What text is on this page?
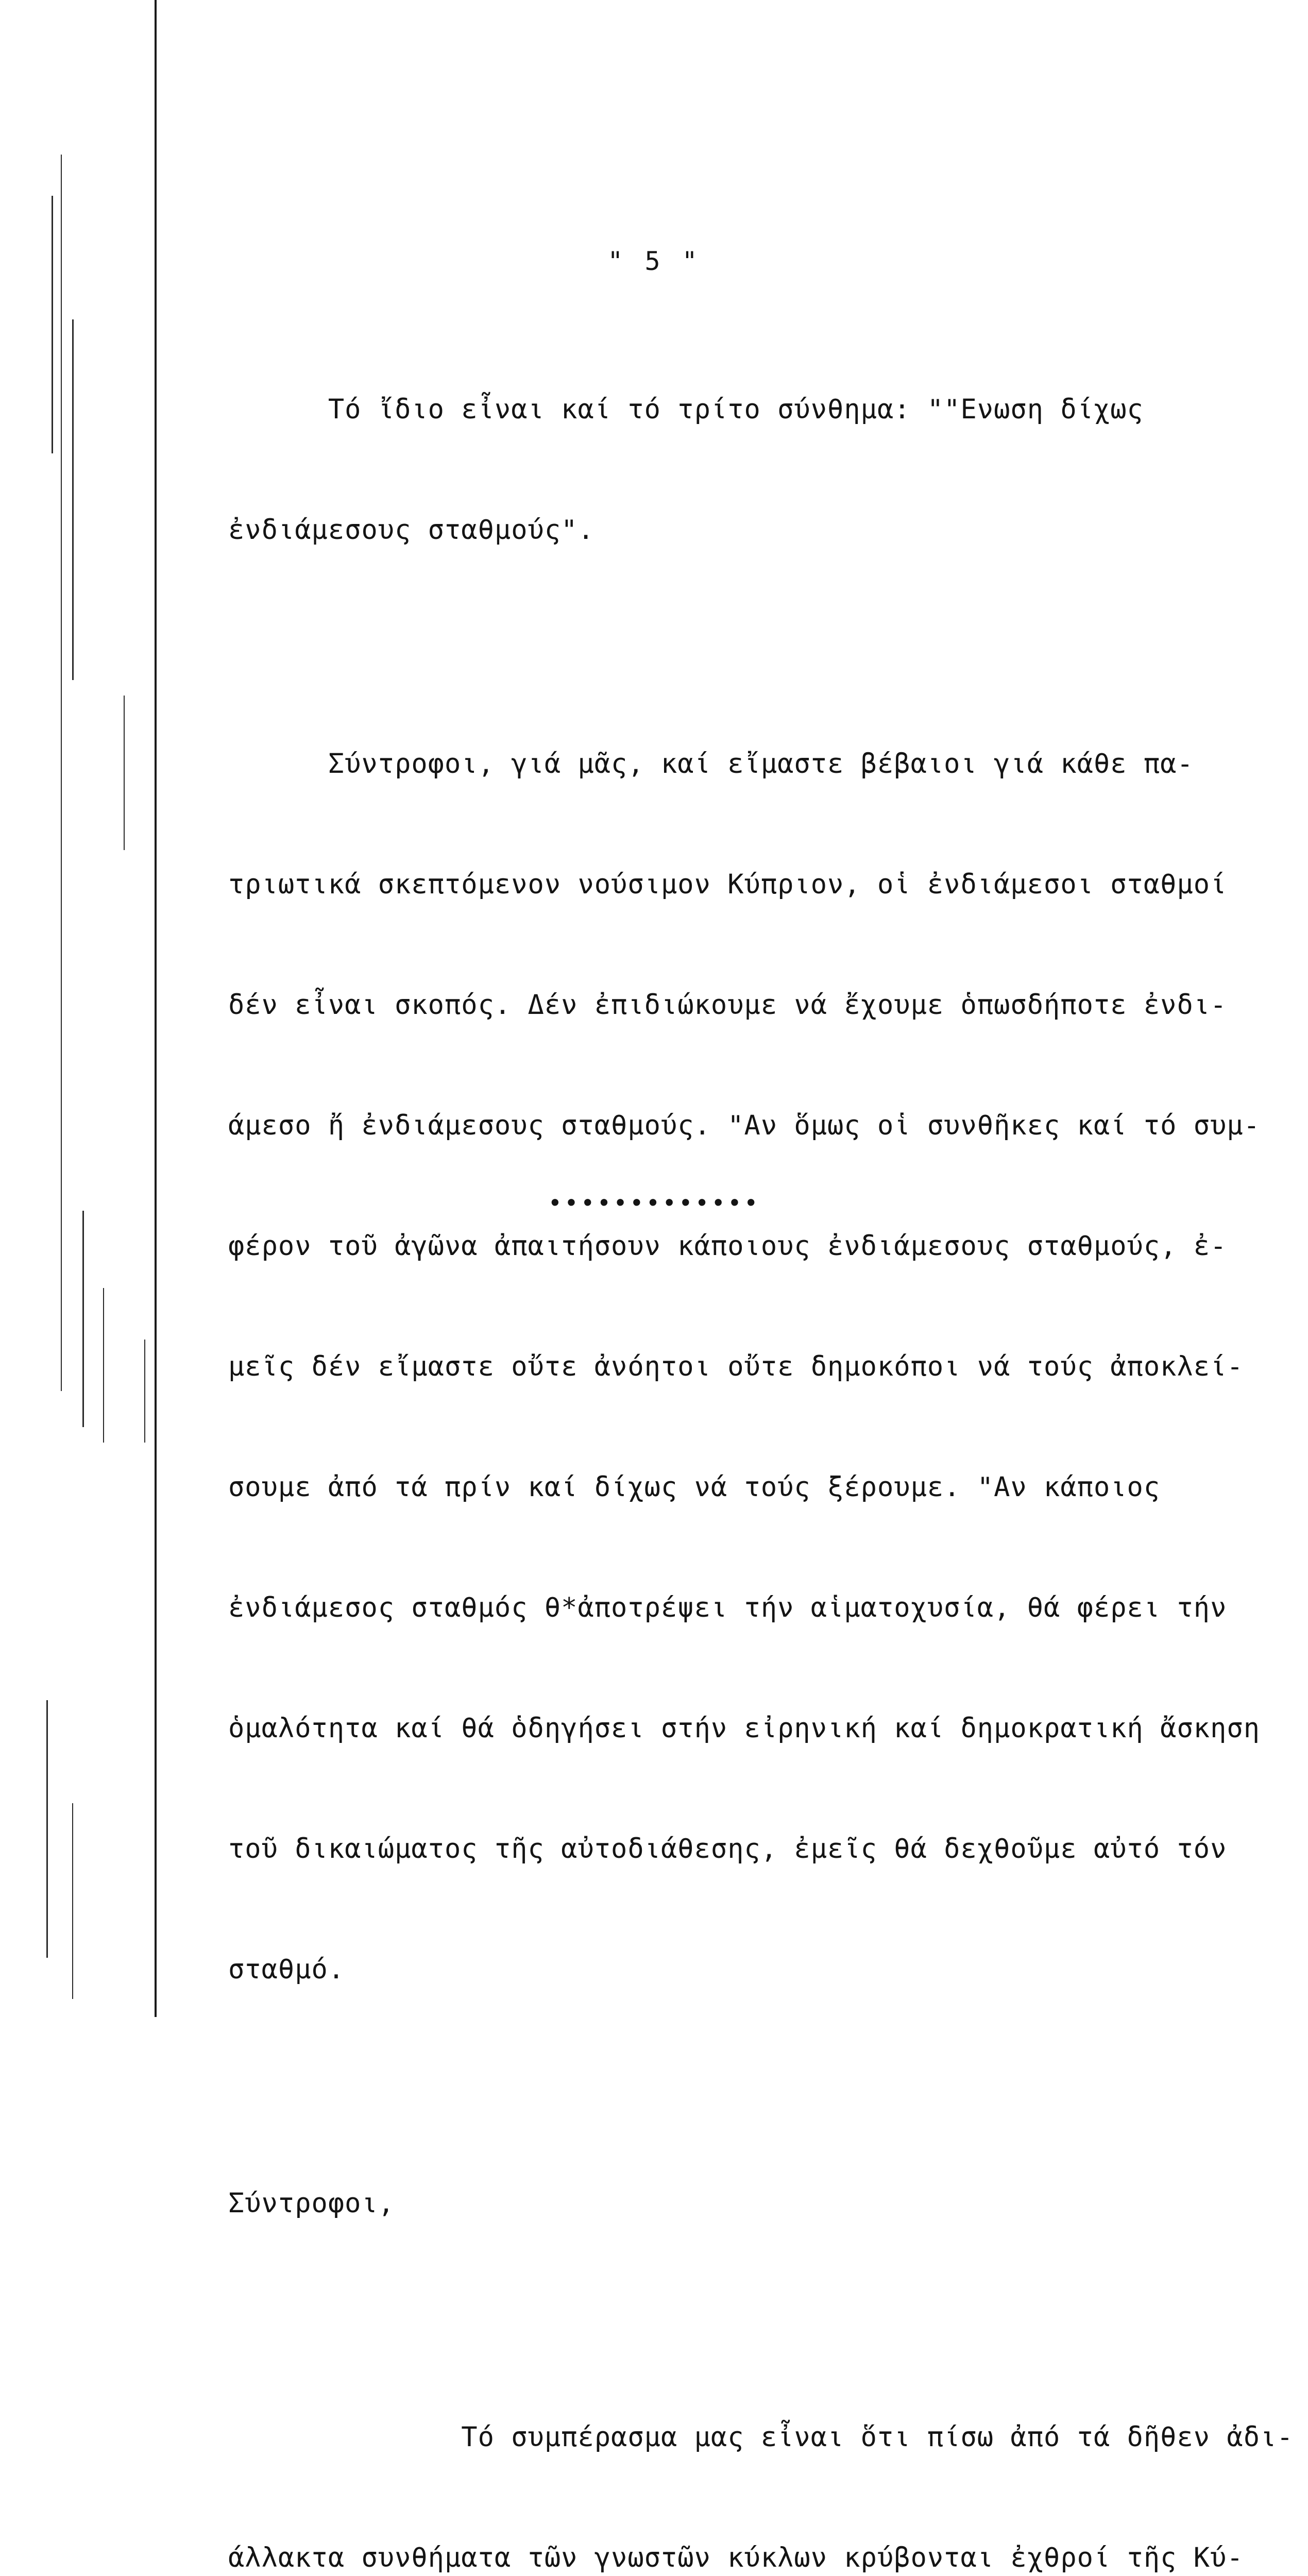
" 5 "

Τό ἴδιο εἶναι καί τό τρίτο σύνθημα: ""Ενωση δίχως

ἐνδιάμεσους σταθμούς".

Σύντροφοι, γιά μᾶς, καί εἴμαστε βέβαιοι γιά κάθε πα-

τριωτικά σκεπτόμενον νούσιμον Κύπριον, οἱ ἐνδιάμεσοι σταθμοί

δέν εἶναι σκοπός. Δέν ἐπιδιώκουμε νά ἔχουμε ὁπωσδήποτε ἐνδι-

άμεσο ἤ ἐνδιάμεσους σταθμούς. "Αν ὅμως οἱ συνθῆκες καί τό συμ-

φέρον τοῦ ἀγῶνα ἀπαιτήσουν κάποιους ἐνδιάμεσους σταθμούς, ἐ-

μεῖς δέν εἴμαστε οὔτε ἀνόητοι οὔτε δημοκόποι νά τούς ἀποκλεί-

σουμε ἀπό τά πρίν καί δίχως νά τούς ξέρουμε. "Αν κάποιος

ἐνδιάμεσος σταθμός θ*ἀποτρέψει τήν αἱματοχυσία, θά φέρει τήν

ὁμαλότητα καί θά ὁδηγήσει στήν εἰρηνική καί δημοκρατική ἄσκηση

τοῦ δικαιώματος τῆς αὐτοδιάθεσης, ἐμεῖς θά δεχθοῦμε αὐτό τόν

σταθμό.

Σύντροφοι,

Τό συμπέρασμα μας εἶναι ὅτι πίσω ἀπό τά δῆθεν ἀδι-

άλλακτα συνθήματα τῶν γνωστῶν κύκλων κρύβονται ἐχθροί τῆς Κύ-

•••••••••••••
